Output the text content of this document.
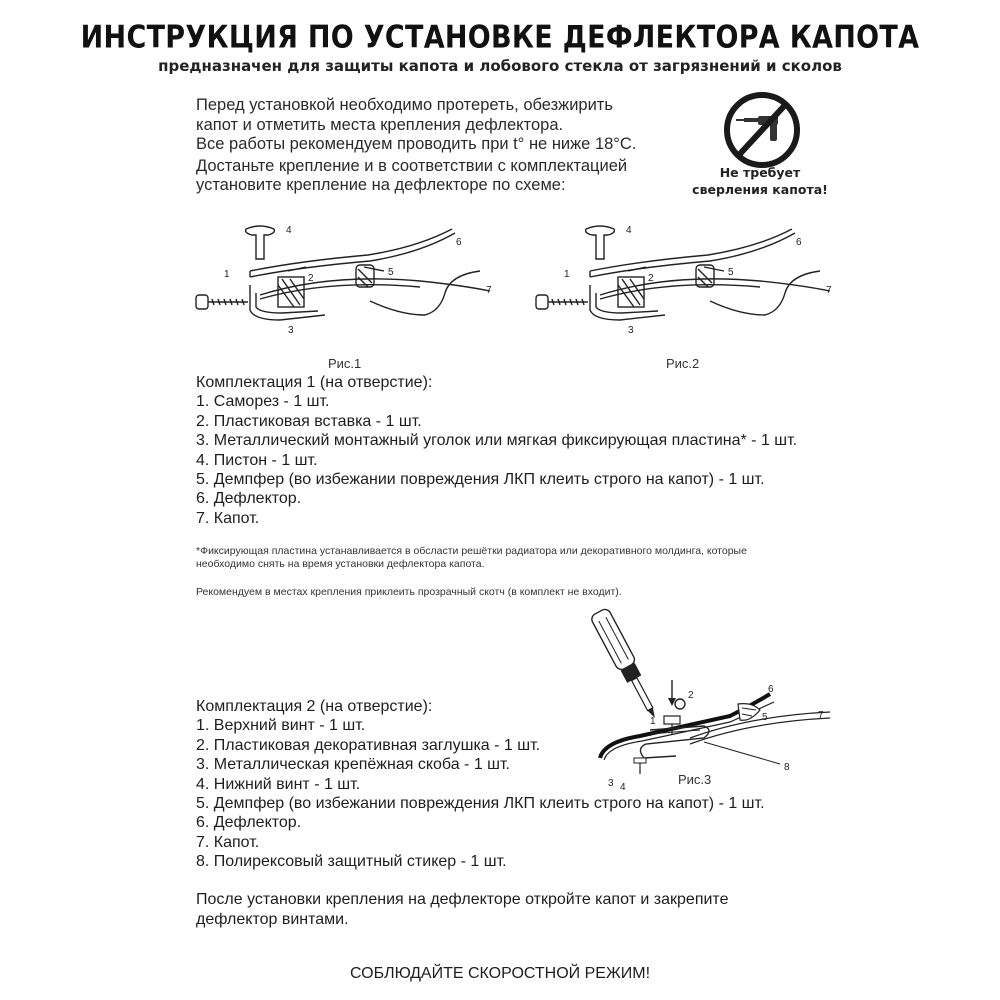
ИНСТРУКЦИЯ ПО УСТАНОВКЕ ДЕФЛЕКТОРА КАПОТА
предназначен для защиты капота и лобового стекла от загрязнений и сколов
Перед установкой необходимо протереть, обезжирить
капот и отметить места крепления дефлектора.
Все работы рекомендуем проводить при t° не ниже 18°C.
Достаньте крепление и в соответствии с комплектацией
установите крепление на дефлекторе по схеме:
Не требует
сверления капота!
1	2
3
4
5
6
7
Рис.1
1	2
3
4
5
6
7
Рис.2
Комплектация 1 (на отверстие):
1. Саморез - 1 шт.
2. Пластиковая вставка - 1 шт.
3. Металлический монтажный уголок или мягкая фиксирующая пластина* - 1 шт.
4. Пистон - 1 шт.
5. Демпфер (во избежании повреждения ЛКП клеить строго на капот) - 1 шт.
6. Дефлектор.
7. Капот.
*Фиксирующая пластина устанавливается в обсласти решётки радиатора или декоративного молдинга, которые
необходимо снять на время установки дефлектора капота.
Рекомендуем в местах крепления приклеить прозрачный скотч (в комплект не входит).
1
2
3 4
5
6
7
8
Рис.3
Комплектация 2 (на отверстие):
1. Верхний винт - 1 шт.
2. Пластиковая декоративная заглушка - 1 шт.
3. Металлическая крепёжная скоба - 1 шт.
4. Нижний винт - 1 шт.
5. Демпфер (во избежании повреждения ЛКП клеить строго на капот) - 1 шт.
6. Дефлектор.
7. Капот.
8. Полирексовый защитный стикер - 1 шт.
После установки крепления на дефлекторе откройте капот и закрепите
дефлектор винтами.
СОБЛЮДАЙТЕ СКОРОСТНОЙ РЕЖИМ!
